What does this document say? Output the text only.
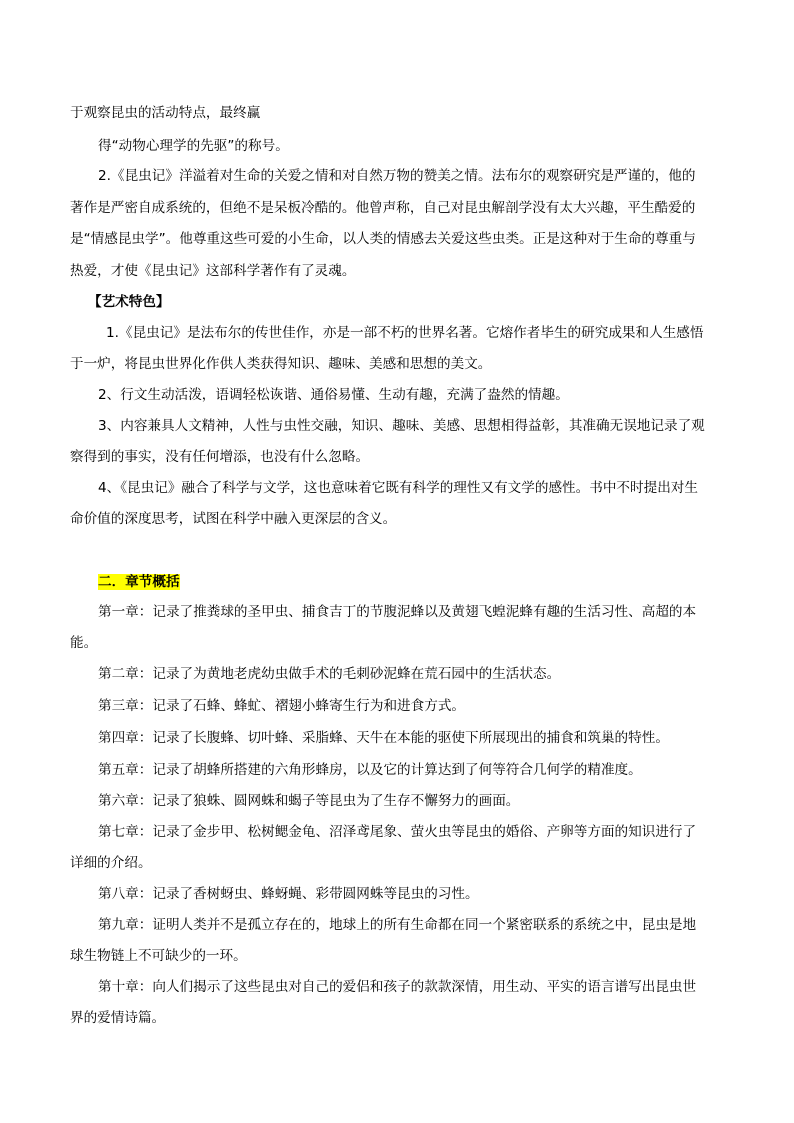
于观察昆虫的活动特点，最终赢
得“动物心理学的先驱”的称号。
2.《昆虫记》洋溢着对生命的关爱之情和对自然万物的赞美之情。法布尔的观察研究是严谨的，他的
著作是严密自成系统的，但绝不是呆板冷酷的。他曾声称，自己对昆虫解剖学没有太大兴趣，平生酷爱的
是“情感昆虫学”。他尊重这些可爱的小生命，以人类的情感去关爱这些虫类。正是这种对于生命的尊重与
热爱，才使《昆虫记》这部科学著作有了灵魂。
【艺术特色】
1.《昆虫记》是法布尔的传世佳作，亦是一部不朽的世界名著。它熔作者毕生的研究成果和人生感悟
于一炉，将昆虫世界化作供人类获得知识、趣味、美感和思想的美文。
2、行文生动活泼，语调轻松诙谐、通俗易懂、生动有趣，充满了盎然的情趣。
3、内容兼具人文精神，人性与虫性交融，知识、趣味、美感、思想相得益彰，其准确无误地记录了观
察得到的事实，没有任何增添，也没有什么忽略。
4、《昆虫记》融合了科学与文学，这也意味着它既有科学的理性又有文学的感性。书中不时提出对生
命价值的深度思考，试图在科学中融入更深层的含义。
二．章节概括
第一章：记录了推粪球的圣甲虫、捕食吉丁的节腹泥蜂以及黄翅飞蝗泥蜂有趣的生活习性、高超的本
能。
第二章：记录了为黄地老虎幼虫做手术的毛刺砂泥蜂在荒石园中的生活状态。
第三章：记录了石蜂、蜂虻、褶翅小蜂寄生行为和进食方式。
第四章：记录了长腹蜂、切叶蜂、采脂蜂、天牛在本能的驱使下所展现出的捕食和筑巢的特性。
第五章：记录了胡蜂所搭建的六角形蜂房，以及它的计算达到了何等符合几何学的精准度。
第六章：记录了狼蛛、圆网蛛和蝎子等昆虫为了生存不懈努力的画面。
第七章：记录了金步甲、松树鳃金龟、沼泽鸢尾象、萤火虫等昆虫的婚俗、产卵等方面的知识进行了
详细的介绍。
第八章：记录了香树蚜虫、蜂蚜蝇、彩带圆网蛛等昆虫的习性。
第九章：证明人类并不是孤立存在的，地球上的所有生命都在同一个紧密联系的系统之中，昆虫是地
球生物链上不可缺少的一环。
第十章：向人们揭示了这些昆虫对自己的爱侣和孩子的款款深情，用生动、平实的语言谱写出昆虫世
界的爱情诗篇。
